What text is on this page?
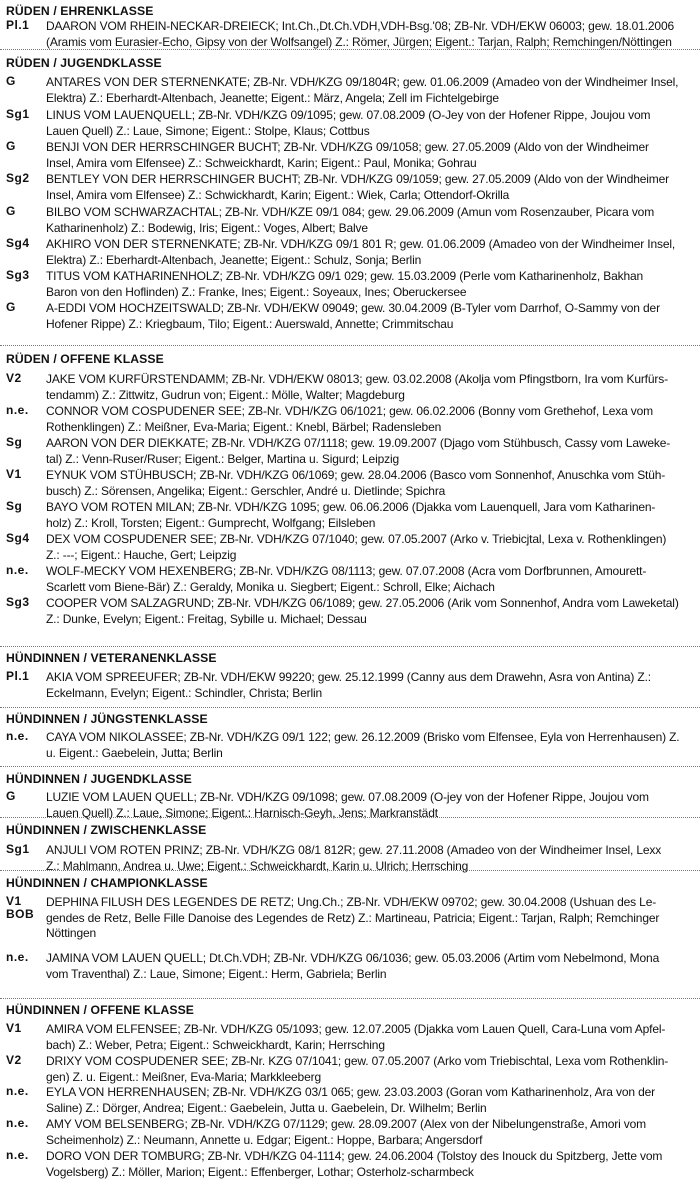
RÜDEN / EHRENKLASSE
Pl.1 DAARON VOM RHEIN-NECKAR-DREIECK; Int.Ch.,Dt.Ch.VDH,VDH-Bsg.'08; ZB-Nr. VDH/EKW 06003; gew. 18.01.2006
(Aramis vom Eurasier-Echo, Gipsy von der Wolfsangel) Z.: Römer, Jürgen; Eigent.: Tarjan, Ralph; Remchingen/Nöttingen
RÜDEN / JUGENDKLASSE
G	ANTARES VON DER STERNENKATE; ZB-Nr. VDH/KZG 09/1804R; gew. 01.06.2009 (Amadeo von der Windheimer Insel,
Elektra) Z.: Eberhardt-Altenbach, Jeanette; Eigent.: März, Angela; Zell im Fichtelgebirge
Sg1 LINUS VOM LAUENQUELL; ZB-Nr. VDH/KZG 09/1095; gew. 07.08.2009 (O-Jey von der Hofener Rippe, Joujou vom
Lauen Quell) Z.: Laue, Simone; Eigent.: Stolpe, Klaus; Cottbus
G	BENJI VON DER HERRSCHINGER BUCHT; ZB-Nr. VDH/KZG 09/1058; gew. 27.05.2009 (Aldo von der Windheimer
Insel, Amira vom Elfensee) Z.: Schweickhardt, Karin; Eigent.: Paul, Monika; Gohrau
Sg2 BENTLEY VON DER HERRSCHINGER BUCHT; ZB-Nr. VDH/KZG 09/1059; gew. 27.05.2009 (Aldo von der Windheimer
Insel, Amira vom Elfensee) Z.: Schwickhardt, Karin; Eigent.: Wiek, Carla; Ottendorf-Okrilla
G	BILBO VOM SCHWARZACHTAL; ZB-Nr. VDH/KZE 09/1 084; gew. 29.06.2009 (Amun vom Rosenzauber, Picara vom
Katharinenholz) Z.: Bodewig, Iris; Eigent.: Voges, Albert; Balve
Sg4 AKHIRO VON DER STERNENKATE; ZB-Nr. VDH/KZG 09/1 801 R; gew. 01.06.2009 (Amadeo von der Windheimer Insel,
Elektra) Z.: Eberhardt-Altenbach, Jeanette; Eigent.: Schulz, Sonja; Berlin
Sg3 TITUS VOM KATHARINENHOLZ; ZB-Nr. VDH/KZG 09/1 029; gew. 15.03.2009 (Perle vom Katharinenholz, Bakhan
Baron von den Hoflinden) Z.: Franke, Ines; Eigent.: Soyeaux, Ines; Oberuckersee
G	A-EDDI VOM HOCHZEITSWALD; ZB-Nr. VDH/EKW 09049; gew. 30.04.2009 (B-Tyler vom Darrhof, O-Sammy von der
Hofener Rippe) Z.: Kriegbaum, Tilo; Eigent.: Auerswald, Annette; Crimmitschau
RÜDEN / OFFENE KLASSE
V2 JAKE VOM KURFÜRSTENDAMM; ZB-Nr. VDH/EKW 08013; gew. 03.02.2008 (Akolja vom Pfingstborn, Ira vom Kurfürs-
tendamm) Z.: Zittwitz, Gudrun von; Eigent.: Mölle, Walter; Magdeburg
n.e. CONNOR VOM COSPUDENER SEE; ZB-Nr. VDH/KZG 06/1021; gew. 06.02.2006 (Bonny vom Grethehof, Lexa vom
Rothenklingen) Z.: Meißner, Eva-Maria; Eigent.: Knebl, Bärbel; Radensleben
Sg AARON VON DER DIEKKATE; ZB-Nr. VDH/KZG 07/1118; gew. 19.09.2007 (Djago vom Stühbusch, Cassy vom Laweke-
tal) Z.: Venn-Ruser/Ruser; Eigent.: Belger, Martina u. Sigurd; Leipzig
V1 EYNUK VOM STÜHBUSCH; ZB-Nr. VDH/KZG 06/1069; gew. 28.04.2006 (Basco vom Sonnenhof, Anuschka vom Stüh-
busch) Z.: Sörensen, Angelika; Eigent.: Gerschler, André u. Dietlinde; Spichra
Sg BAYO VOM ROTEN MILAN; ZB-Nr. VDH/KZG 1095; gew. 06.06.2006 (Djakka vom Lauenquell, Jara vom Katharinen-
holz) Z.: Kroll, Torsten; Eigent.: Gumprecht, Wolfgang; Eilsleben
Sg4 DEX VOM COSPUDENER SEE; ZB-Nr. VDH/KZG 07/1040; gew. 07.05.2007 (Arko v. Triebicjtal, Lexa v. Rothenklingen)
Z.: ---; Eigent.: Hauche, Gert; Leipzig
n.e. WOLF-MECKY VOM HEXENBERG; ZB-Nr. VDH/KZG 08/1113; gew. 07.07.2008 (Acra vom Dorfbrunnen, Amourett-
Scarlett vom Biene-Bär) Z.: Geraldy, Monika u. Siegbert; Eigent.: Schroll, Elke; Aichach
Sg3 COOPER VOM SALZAGRUND; ZB-Nr. VDH/KZG 06/1089; gew. 27.05.2006 (Arik vom Sonnenhof, Andra vom Laweketal)
Z.: Dunke, Evelyn; Eigent.: Freitag, Sybille u. Michael; Dessau
HÜNDINNEN / VETERANENKLASSE
Pl.1 AKIA VOM SPREEUFER; ZB-Nr. VDH/EKW 99220; gew. 25.12.1999 (Canny aus dem Drawehn, Asra von Antina) Z.:
Eckelmann, Evelyn; Eigent.: Schindler, Christa; Berlin
HÜNDINNEN / JÜNGSTENKLASSE
n.e. CAYA VOM NIKOLASSEE; ZB-Nr. VDH/KZG 09/1 122; gew. 26.12.2009 (Brisko vom Elfensee, Eyla von Herrenhausen) Z.
u. Eigent.: Gaebelein, Jutta; Berlin
HÜNDINNEN / JUGENDKLASSE
G	LUZIE VOM LAUEN QUELL; ZB-Nr. VDH/KZG 09/1098; gew. 07.08.2009 (O-jey von der Hofener Rippe, Joujou vom
Lauen Quell) Z.: Laue, Simone; Eigent.: Harnisch-Geyh, Jens; Markranstädt
HÜNDINNEN / ZWISCHENKLASSE
Sg1 ANJULI VOM ROTEN PRINZ; ZB-Nr. VDH/KZG 08/1 812R; gew. 27.11.2008 (Amadeo von der Windheimer Insel, Lexx
Z.: Mahlmann, Andrea u. Uwe; Eigent.: Schweickhardt, Karin u. Ulrich; Herrsching
HÜNDINNEN / CHAMPIONKLASSE
V1
BOB
DEPHINA FILUSH DES LEGENDES DE RETZ; Ung.Ch.; ZB-Nr. VDH/EKW 09702; gew. 30.04.2008 (Ushuan des Le-
gendes de Retz, Belle Fille Danoise des Legendes de Retz) Z.: Martineau, Patricia; Eigent.: Tarjan, Ralph; Remchinger
Nöttingen
n.e. JAMINA VOM LAUEN QUELL; Dt.Ch.VDH; ZB-Nr. VDH/KZG 06/1036; gew. 05.03.2006 (Artim vom Nebelmond, Mona
vom Traventhal) Z.: Laue, Simone; Eigent.: Herm, Gabriela; Berlin
HÜNDINNEN / OFFENE KLASSE
V1 AMIRA VOM ELFENSEE; ZB-Nr. VDH/KZG 05/1093; gew. 12.07.2005 (Djakka vom Lauen Quell, Cara-Luna vom Apfel-
bach) Z.: Weber, Petra; Eigent.: Schweickhardt, Karin; Herrsching
V2 DRIXY VOM COSPUDENER SEE; ZB-Nr. KZG 07/1041; gew. 07.05.2007 (Arko vom Triebischtal, Lexa vom Rothenklin-
gen) Z. u. Eigent.: Meißner, Eva-Maria; Markkleeberg
n.e. EYLA VON HERRENHAUSEN; ZB-Nr. VDH/KZG 03/1 065; gew. 23.03.2003 (Goran vom Katharinenholz, Ara von der
Saline) Z.: Dörger, Andrea; Eigent.: Gaebelein, Jutta u. Gaebelein, Dr. Wilhelm; Berlin
n.e. AMY VOM BELSENBERG; ZB-Nr. VDH/KZG 07/1129; gew. 28.09.2007 (Alex von der Nibelungenstraße, Amori vom
Scheimenholz) Z.: Neumann, Annette u. Edgar; Eigent.: Hoppe, Barbara; Angersdorf
n.e. DORO VON DER TOMBURG; ZB-Nr. VDH/KZG 04-1114; gew. 24.06.2004 (Tolstoy des Inouck du Spitzberg, Jette vom
Vogelsberg) Z.: Möller, Marion; Eigent.: Effenberger, Lothar; Osterholz-scharmbeck
